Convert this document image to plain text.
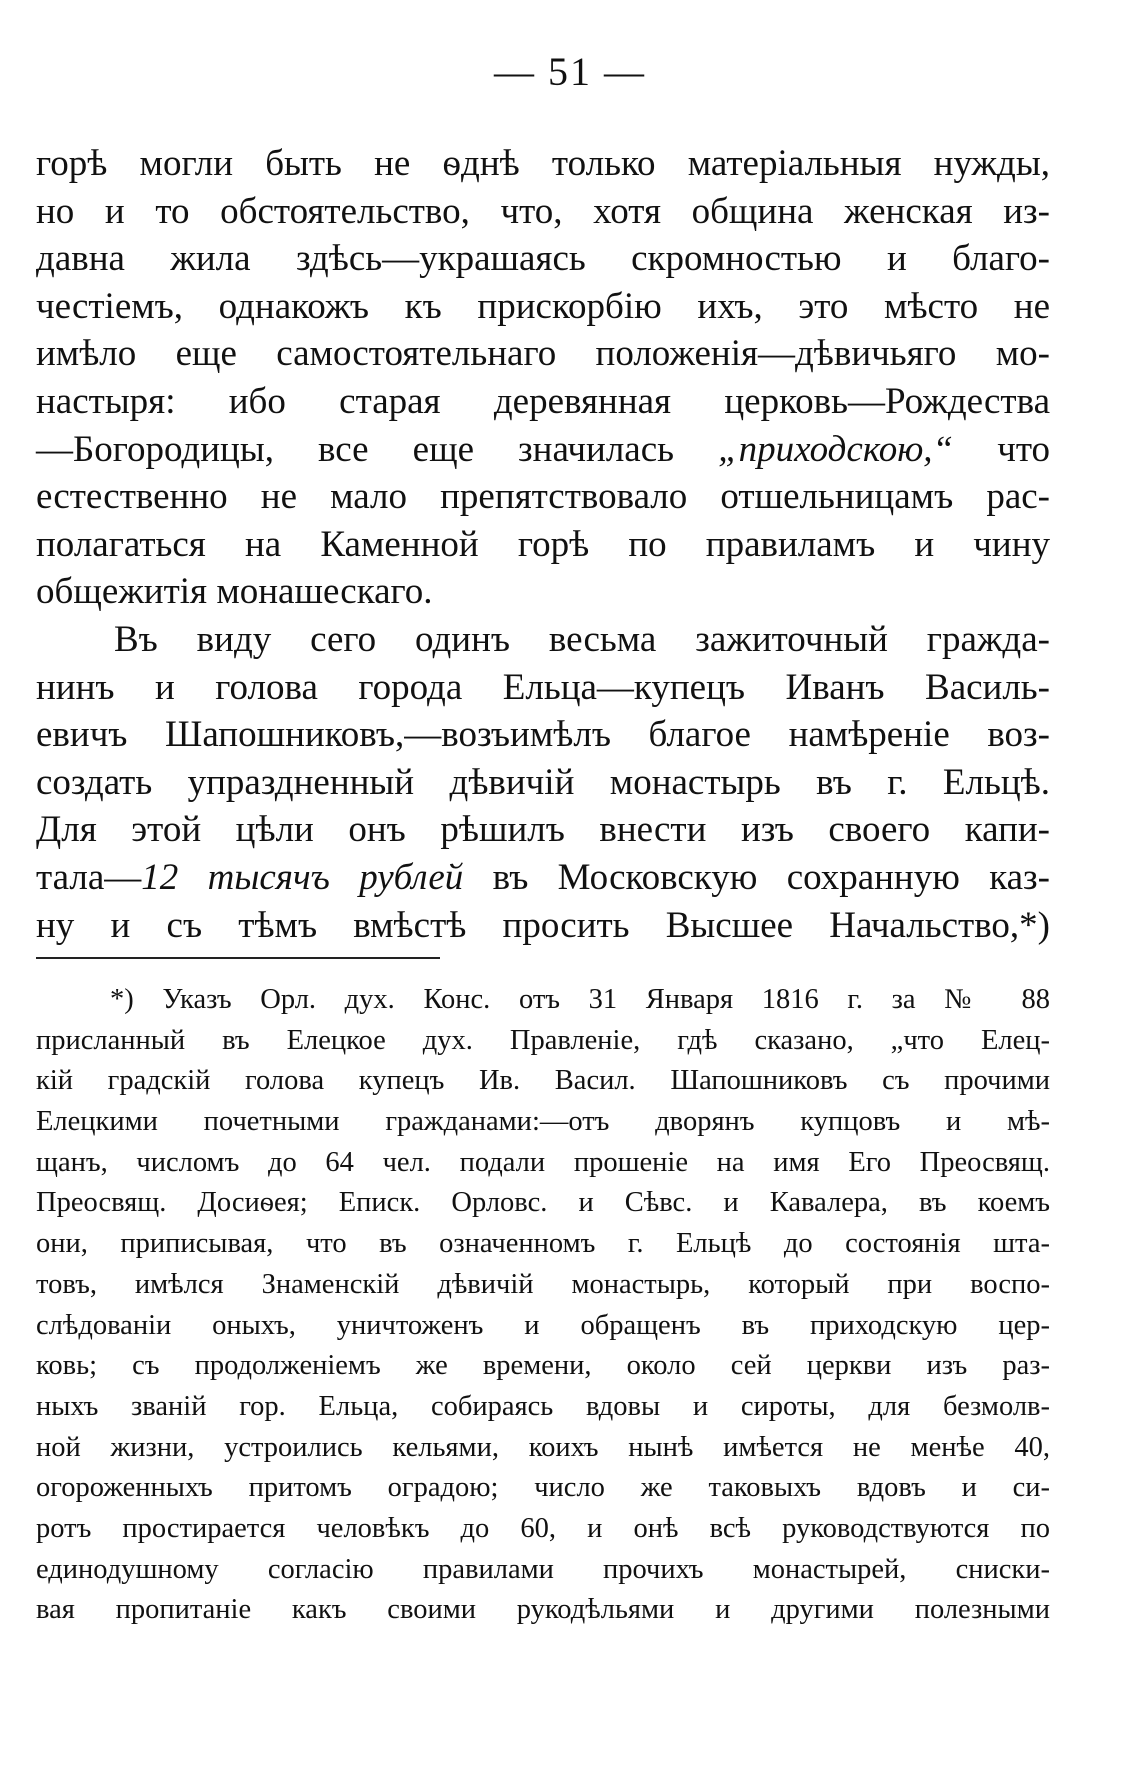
— 51 —
горѣ могли быть не ѳднѣ только матеріальныя нужды,
но и то обстоятельство, что, хотя община женская из-
давна жила здѣсь—украшаясь скромностью и благо-
честіемъ, однакожъ къ прискорбію ихъ, это мѣсто не
имѣло еще самостоятельнаго положенія—дѣвичьяго мо-
настыря: ибо старая деревянная церковь—Рождества
—Богородицы, все еще значилась „приходскою,“ что
естественно не мало препятствовало отшельницамъ рас-
полагаться на Каменной горѣ по правиламъ и чину
общежитія монашескаго.
Въ виду сего одинъ весьма зажиточный гражда-
нинъ и голова города Ельца—купецъ Иванъ Василь-
евичъ Шапошниковъ,—возъимѣлъ благое намѣреніе воз-
создать упраздненный дѣвичій монастырь въ г. Ельцѣ.
Для этой цѣли онъ рѣшилъ внести изъ своего капи-
тала—12 тысячъ рублей въ Московскую сохранную каз-
ну и съ тѣмъ вмѣстѣ просить Высшее Начальство,*)
*) Указъ Орл. дух. Конс. отъ 31 Января 1816 г. за № 88
присланный въ Елецкое дух. Правленіе, гдѣ сказано, „что Елец-
кій градскій голова купецъ Ив. Васил. Шапошниковъ съ прочими
Елецкими почетными гражданами:—отъ дворянъ купцовъ и мѣ-
щанъ, числомъ до 64 чел. подали прошеніе на имя Его Преосвящ.
Преосвящ. Досиѳея; Еписк. Орловс. и Сѣвс. и Кавалера, въ коемъ
они, приписывая, что въ означенномъ г. Ельцѣ до состоянія шта-
товъ, имѣлся Знаменскій дѣвичій монастырь, который при воспо-
слѣдованіи оныхъ, уничтоженъ и обращенъ въ приходскую цер-
ковь; съ продолженіемъ же времени, около сей церкви изъ раз-
ныхъ званій гор. Ельца, собираясь вдовы и сироты, для безмолв-
ной жизни, устроились кельями, коихъ нынѣ имѣется не менѣе 40,
огороженныхъ притомъ оградою; число же таковыхъ вдовъ и си-
ротъ простирается человѣкъ до 60, и онѣ всѣ руководствуются по
единодушному согласію правилами прочихъ монастырей, сниски-
вая пропитаніе какъ своими рукодѣльями и другими полезными
